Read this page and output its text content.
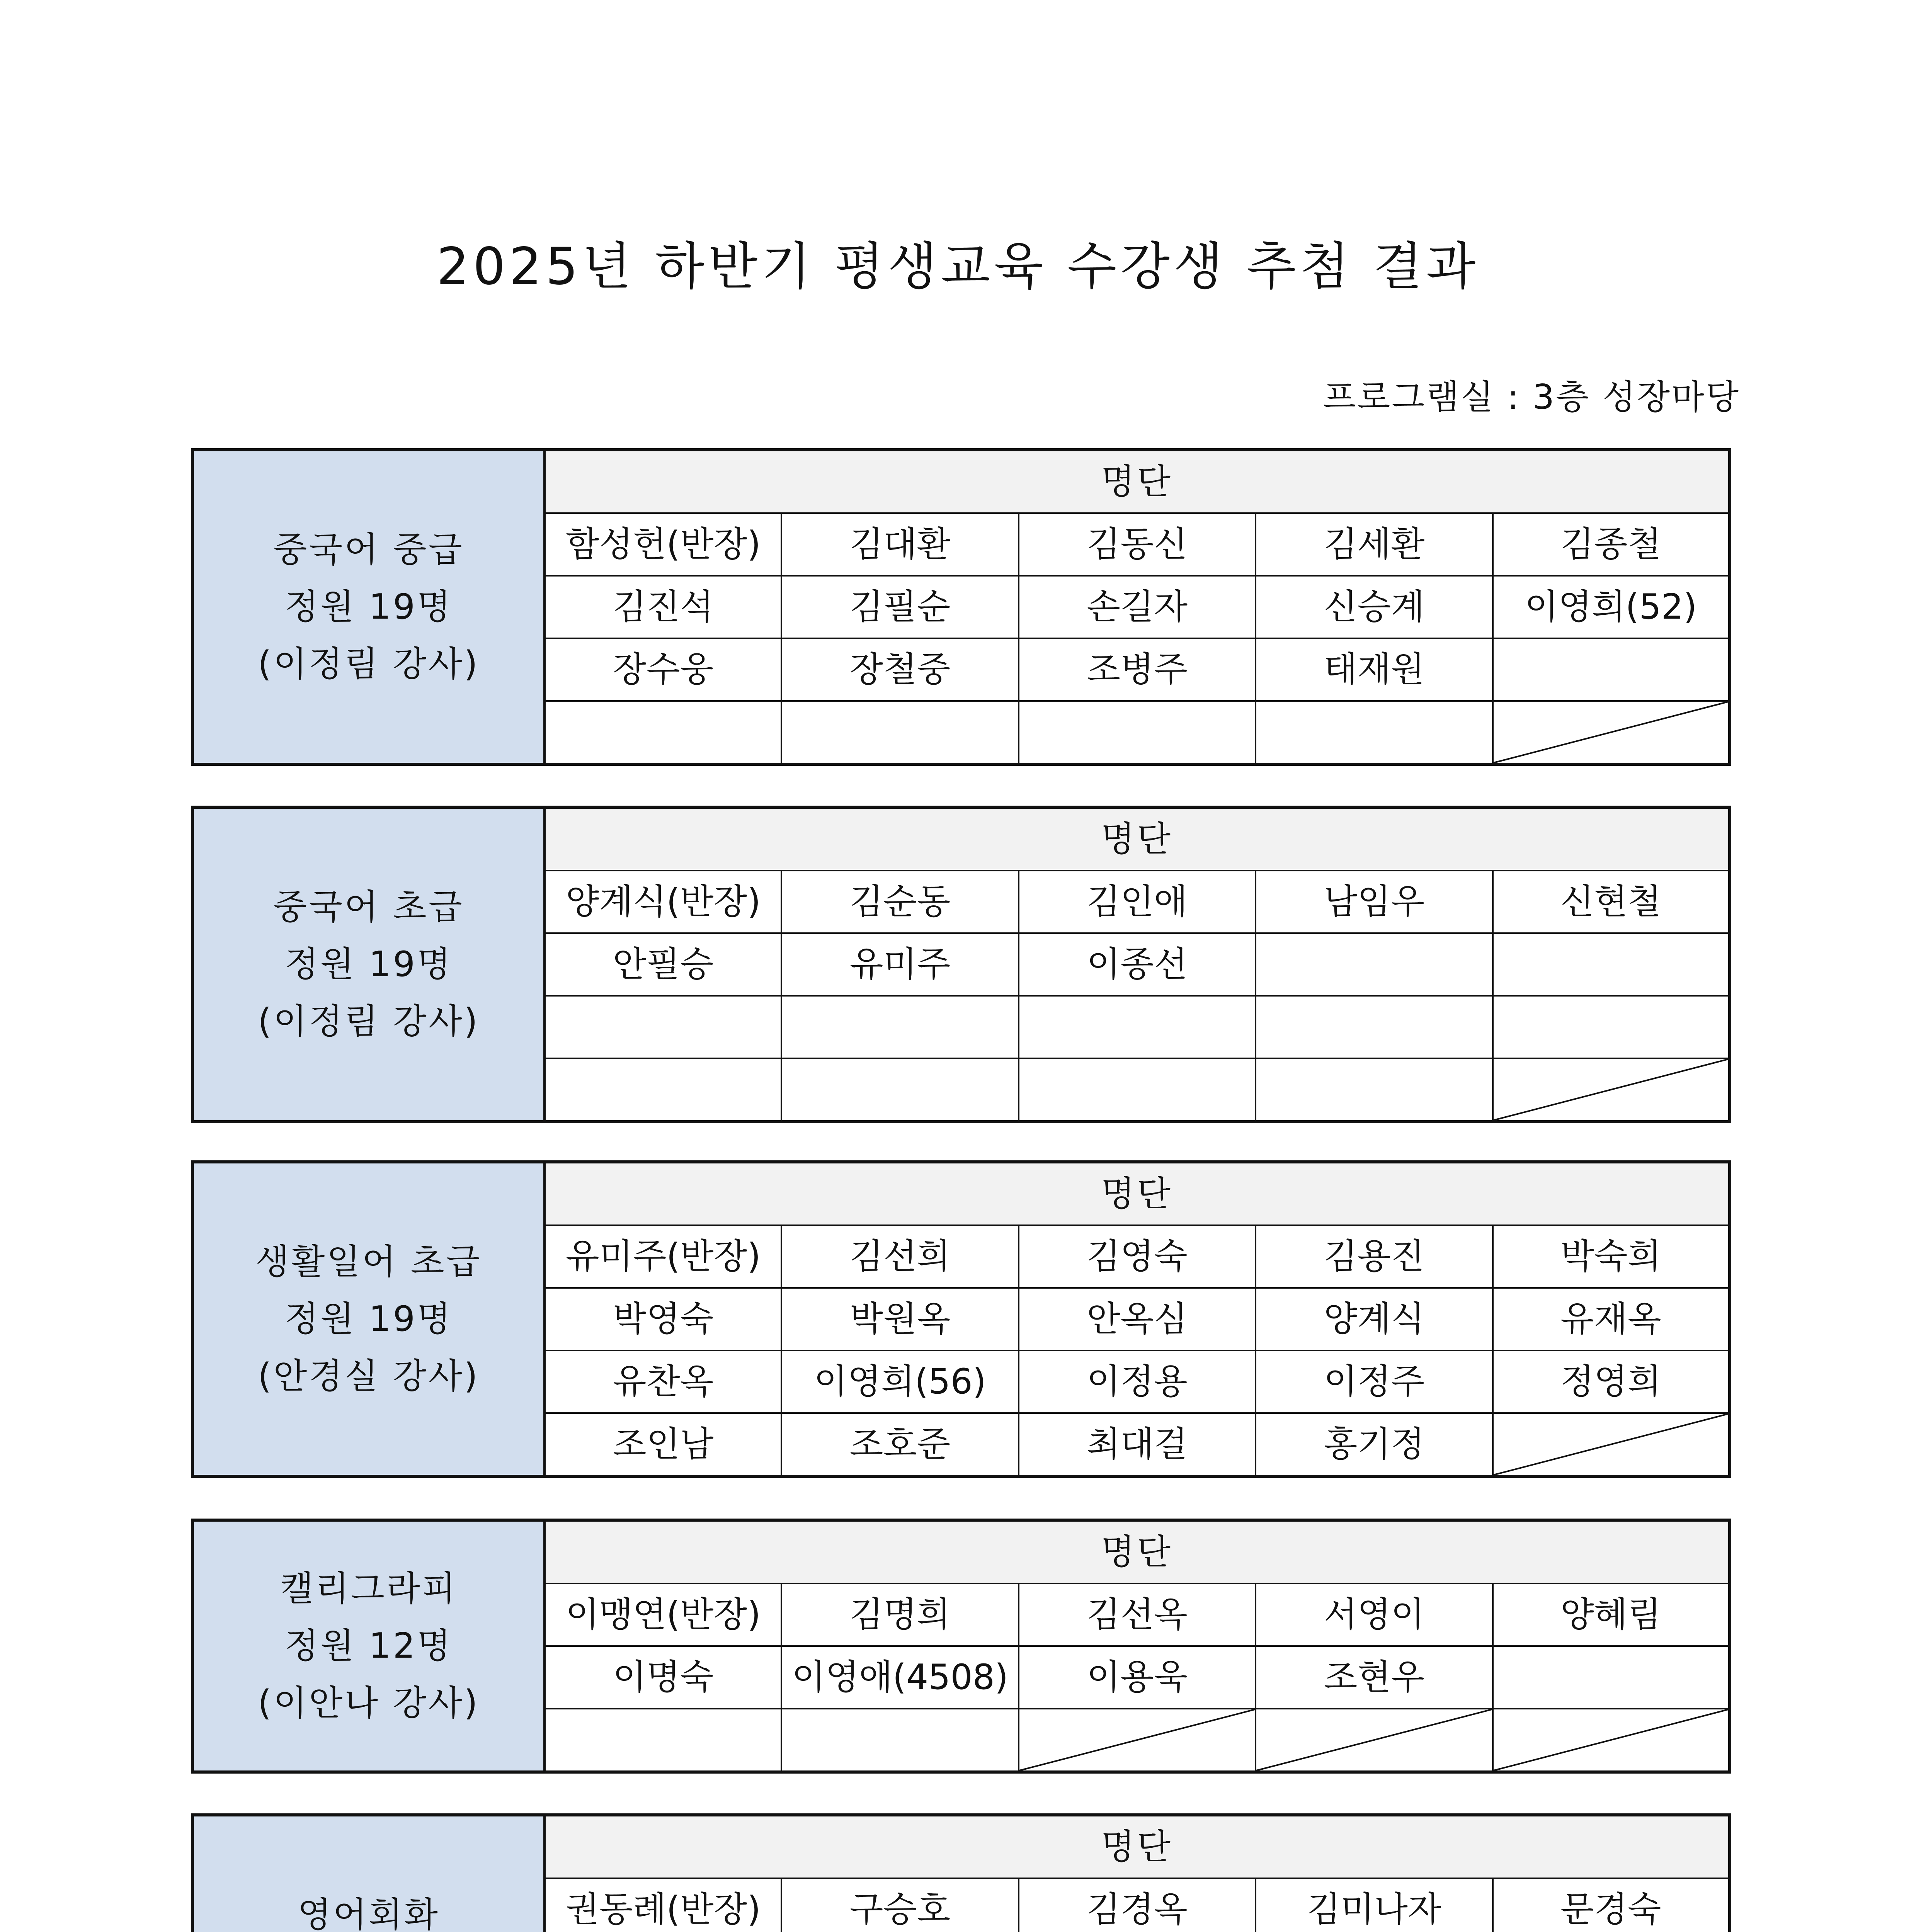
2025년 하반기 평생교육 수강생 추첨 결과
프로그램실 : 3층 성장마당
중국어 중급
정원 19명
(이정림 강사)	명단				
	함성헌(반장)	김대환	김동신	김세환	김종철
	김진석	김필순	손길자	신승계	이영희(52)
	장수웅	장철중	조병주	태재원	

중국어 초급
정원 19명
(이정림 강사)	명단				
	양계식(반장)	김순동	김인애	남임우	신현철
	안필승	유미주	이종선		

생활일어 초급
정원 19명
(안경실 강사)	명단				
	유미주(반장)	김선희	김영숙	김용진	박숙희
	박영숙	박원옥	안옥심	양계식	유재옥
	유찬옥	이영희(56)	이정용	이정주	정영희
	조인남	조호준	최대걸	홍기정	
캘리그라피
정원 12명
(이안나 강사)	명단				
	이맹연(반장)	김명희	김선옥	서영이	양혜림
	이명숙	이영애(4508)	이용욱	조현우	

영어회화	명단				
	권동례(반장)	구승호	김경옥	김미나자	문경숙
